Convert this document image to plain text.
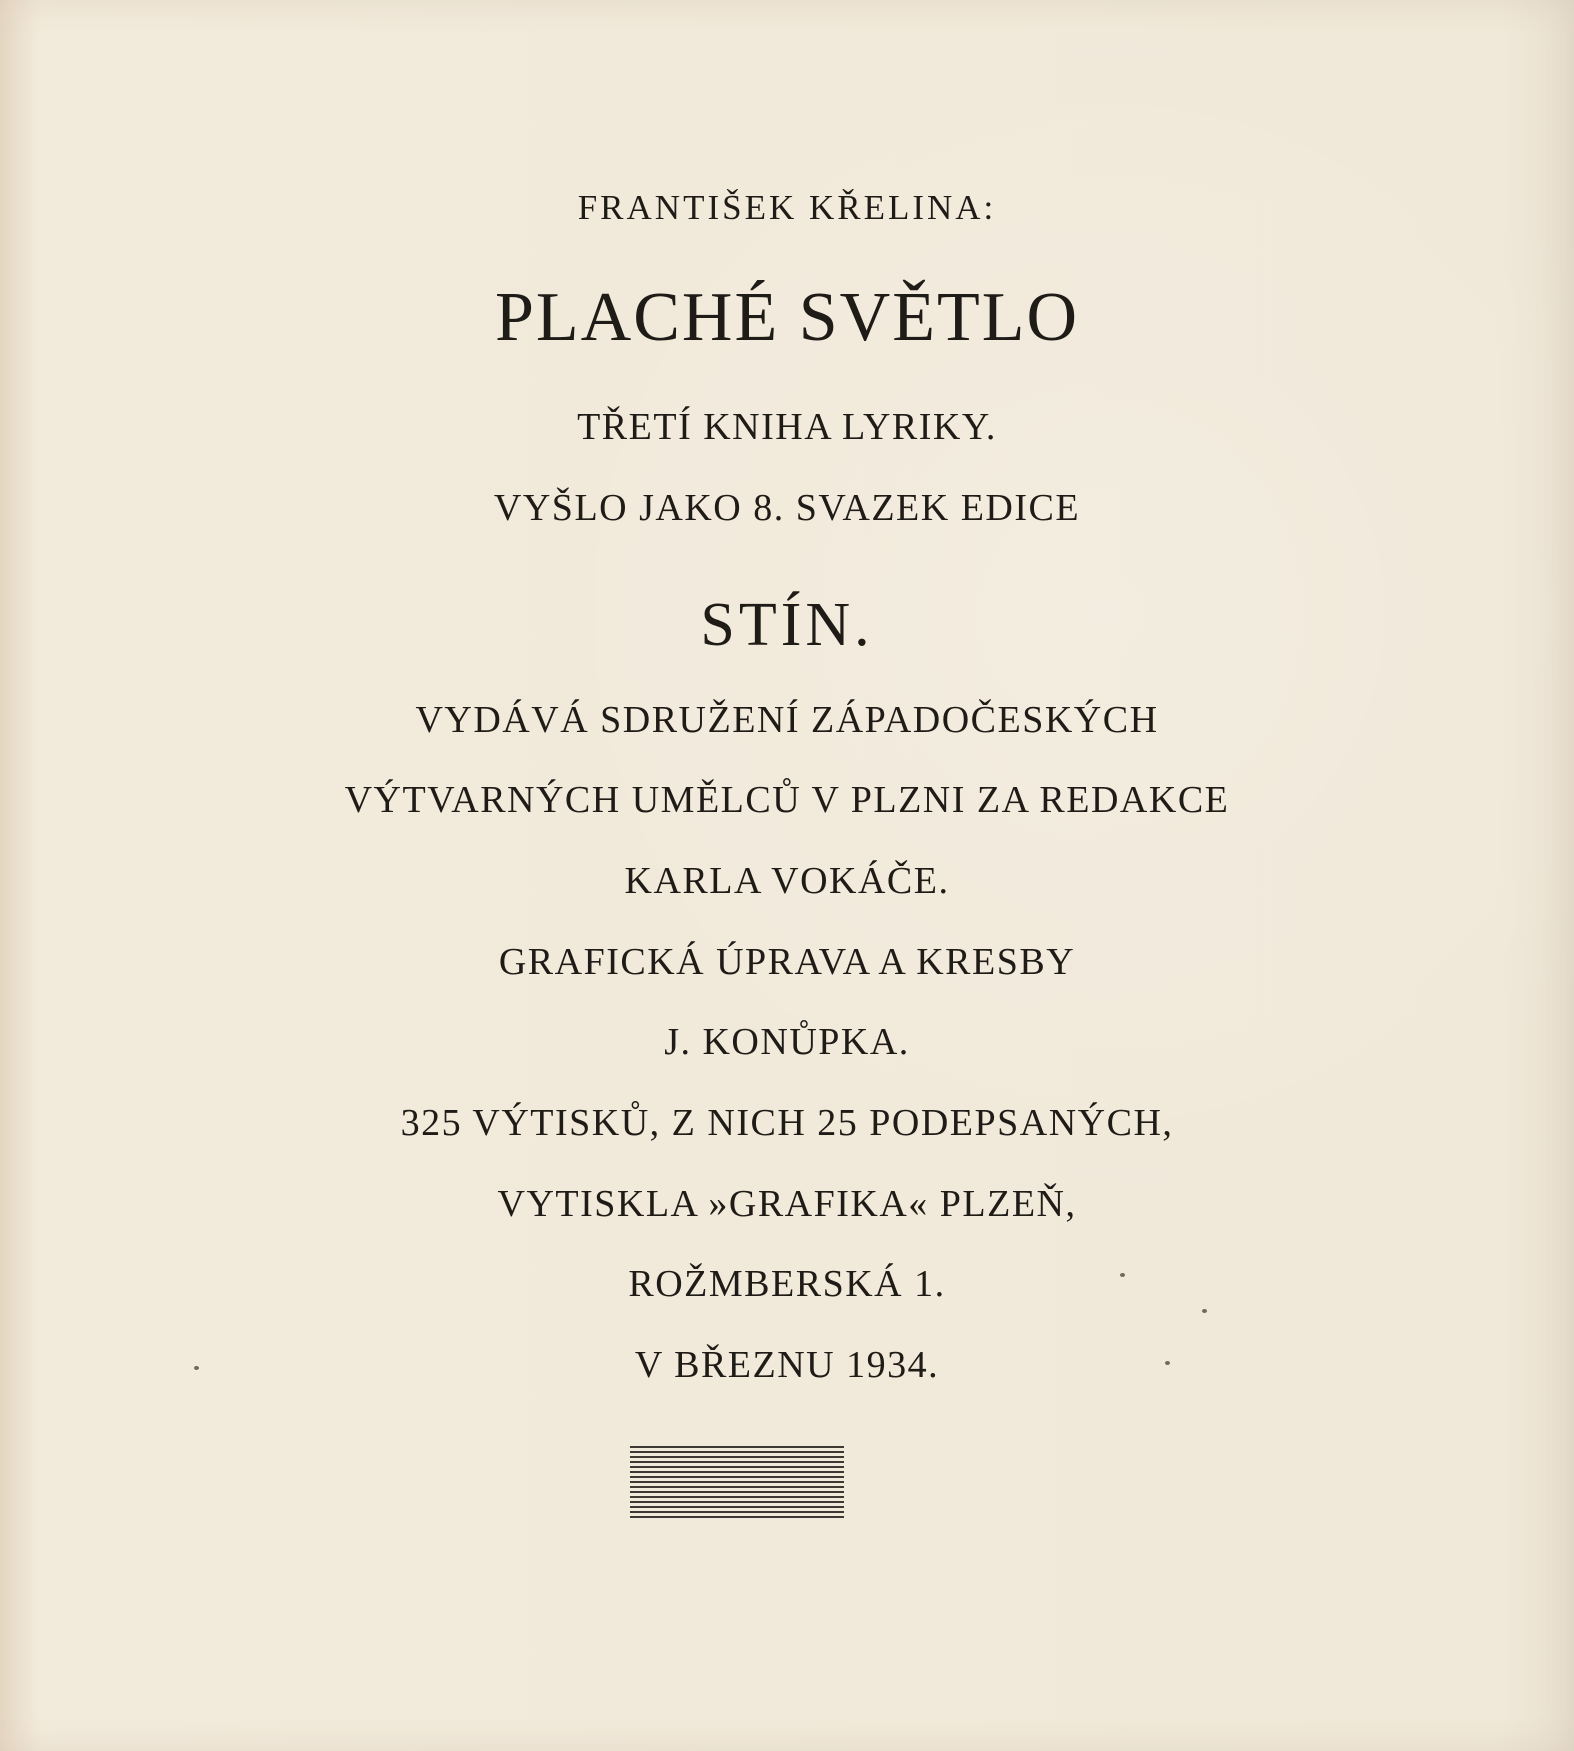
FRANTIŠEK KŘELINA:
PLACHÉ SVĚTLO
TŘETÍ KNIHA LYRIKY.
VYŠLO JAKO 8. SVAZEK EDICE
STÍN.
VYDÁVÁ SDRUŽENÍ ZÁPADOČESKÝCH
VÝTVARNÝCH UMĚLCŮ V PLZNI ZA REDAKCE
KARLA VOKÁČE.
GRAFICKÁ ÚPRAVA A KRESBY
J. KONŮPKA.
325 VÝTISKŮ, Z NICH 25 PODEPSANÝCH,
VYTISKLA »GRAFIKA« PLZEŇ,
ROŽMBERSKÁ 1.
V BŘEZNU 1934.
